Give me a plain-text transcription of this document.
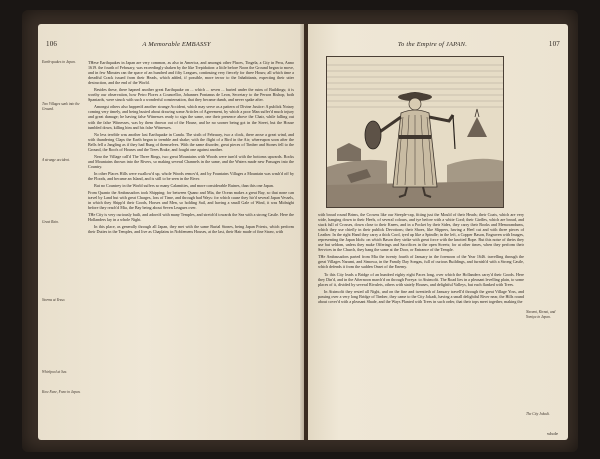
106	A Memorable EMBASSY
Earth-quakes in Japan.
Two Villages sunk into the Ground.
A strange accident.
Great Rain.
Storms at Yesso.
Whirlpool at Sea.
Kow Fane, Fono in Japan.

THese Earthquakes in Japan are very common, as also in America, and amongst other Places, Tingela, a City in Peru, Anno 1619. the fourth of February, was exceedingly shaken by the like Trepidation: a little before Noon the Ground began to move, and in few Minutes ran the space of an hundred and fifty Leagues, continuing very fiercely for three Hours; all which time a dreadful Crack issued from their Heads, which added, if possible, more terror to the Inhabitants, expecting their utter destruction, and the end of the World.

Besides these, there hapned another great Earthquake on ... which ... seven ... buried under the ruins of Buildings; it is worthy our observation, how Petro Flores a Councellor, Johannes Pontanus de Leon, Secretary to the Person Bishop, both Spaniards, were struck with such a wonderful consternation, that they became dumb, and never spake after.

Amongst others also happen'd another strange Accident, which may serve as a pattern of Divine Justice: A publick Notary coming very timely, and being busied about drawing some Articles of Agreement, by which a poor Man suffer'd much injury and great damage; he having false Witnesses ready to sign the same, one their presence above the Chair, while falling out with the false Witnesses, was by them thrown out of the House, and he no sooner being got in the Street, but the House tumbled down, killing him and his false Witnesses.

No less terrible was another last Earthquake in Canda. The sixth of February, two a clock, there arose a great wind, and with thundering Claps the Earth began to tremble and shake; with the flight of a Bird in the Air; whereupon soon after the Bells fell a Jangling as if they had Rung of themselves. With the same disorder, great pieces of Timber and Stones fell to the Ground, the Roofs of Houses and the Trees Brake, and fought one against another.

Near the Village call'd The Three Rings, two great Mountains with Woods were turn'd with the bottoms upwards. Rocks and Mountains thrown into the Rivers, so making several Channels in the same, and the Waters made new Passages into the Country.

In other Places Hills were swallow'd up, whole Woods remov'd, and by Fountains Villages a Mountain was wash'd off by the Floods, and became an Island, and is still to be seen in the River.

But no Countrey in the World suffers so many Calamities, and more considerable Ruines, than this one Japan.

From Quanto the Ambassadors took Shipping; for between Quano and Mia, the Ocean makes a great Bay, so that none can travel by Land but with great Charges, loss of Time, and through bad Ways: for which cause they hir'd several Japan Vessels, in which they Shipp'd their Goods, Horses and Men, so holding Sail, and having a small Gale of Wind, it was Midnight before they reach'd Mia, the Bay being about Seven Leagues over.

THe City is very curiously built, and adorn'd with many Temples, and stretch'd towards the Sea with a strong Castle. Here the Hollanders lay in a whole Night.

In this place, as generally through all Japan, they met with the same Burial Stones, being Japan Priests, which perform their Duties in the Temples, and live as Chaplains in Noblemens Houses, at the last, their Hair made of fine Straw, with

To the Empire of JAPAN.	107
Narami, Kirnai, and Yomiya in Japan.
The City Jokadi.

with broad round Brims, the Crowns like our Steeple-cap, fitting just the Mould of their Heads; their Coats, which are very wide, hanging down to their Heels, of several colours, and tye before with a white Cord; their Girdles, which are broad, and stuck full of Crosses, down close to their Knees, and in a Pocket by their Sides, they carry their Books and Memorandums, which they use chiefly in their publick Devotions; their Shoes, like Slippers, having a Heel cut and with three pieces of Leather. In the right Hand they carry a thick Cord, tyed up like a Spindle; in the left, a Copper Bason, Engraven with Images, representing the Japan Idols: on which Bason they strike with great force with the knotted Rope. But this noise of theirs they use but seldom, unless they make Offerings and Sacrifices in the open Streets; for at other times, when they perform their Services in the Church, they bang the same at the Door, or Entrance of the Temple.

THe Ambassadors parted from Mia the twenty fourth of January in the forenoon of the Year 1646. travelling through the great Villages Narumi, and Simowa, in the Family Day Songas, full of curious Buildings, and furnish'd with a Strong Castle, which defends it from the sudden Onset of the Enemy.

To this City leads a Bridge of an hundred eighty eight Paces long, over which the Hollanders carry'd their Goods. Here they Din'd, and in the Afternoon march'd on through Foreya: to Atsimofit. The Road lies in a pleasant levelling plain, to some places of it, divided by several Rivulets, others with stately Houses, and delightful Valleys, but each flanked with Trees.

In Atsimofit they rested all Night, and on the fine and twentieth of January travell'd through the great Village Yoss, and passing over a very long Bridge of Timber, they came to the City Jokadi, having a small delightful River near, the Hills round about cover'd with a pleasant Shade, and the Ways Planted with Trees in such order, that their tops meet together, making the

whole
